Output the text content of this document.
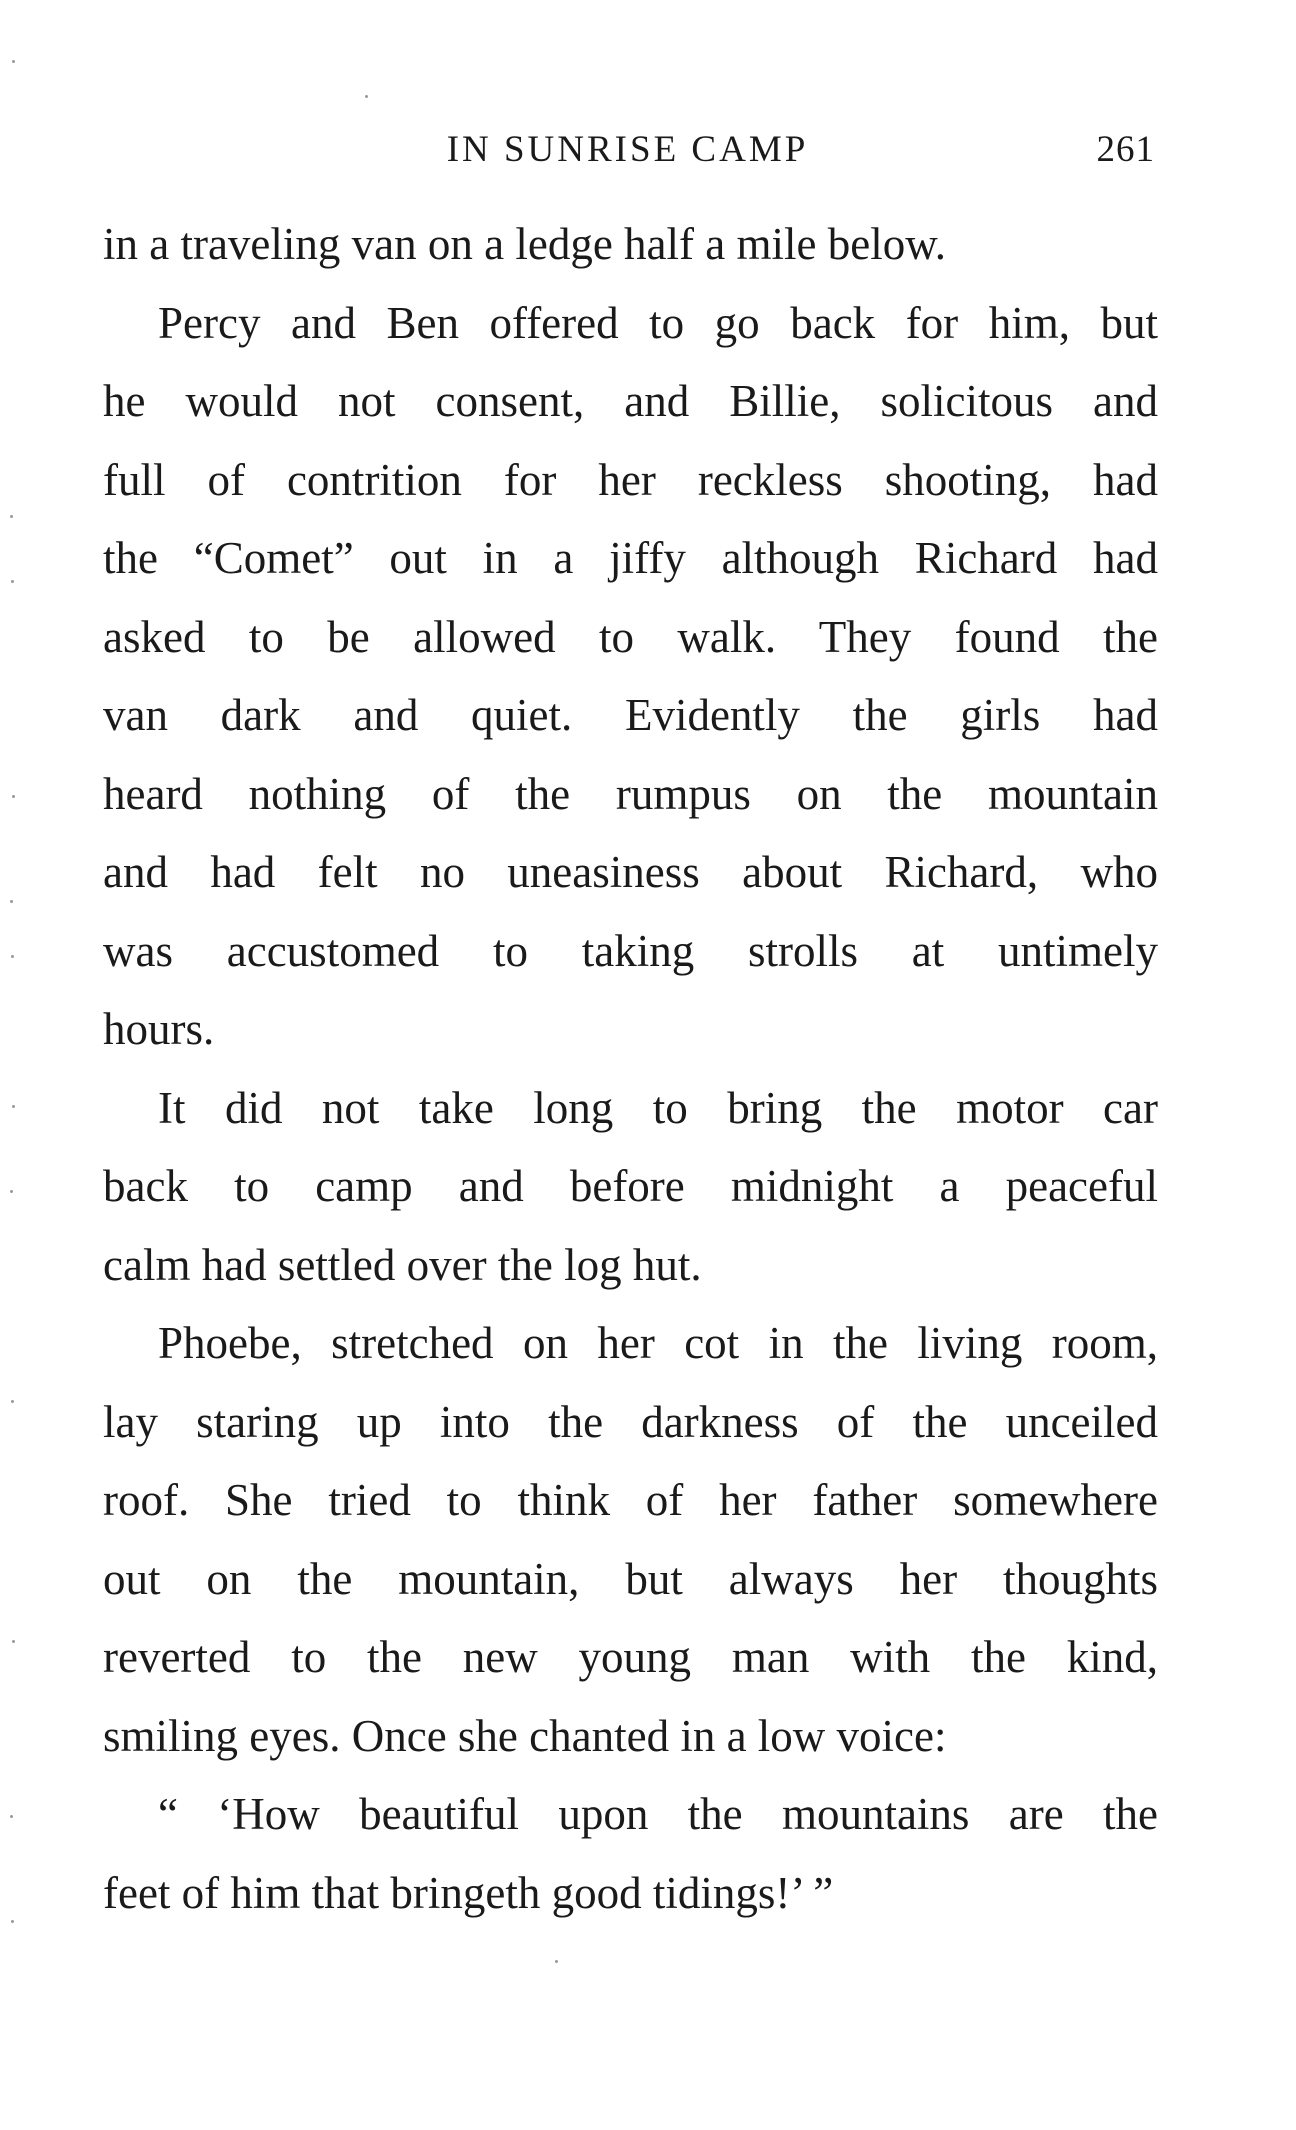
IN SUNRISE CAMP	261
in a traveling van on a ledge half a mile below.
Percy and Ben offered to go back for him, but
he would not consent, and Billie, solicitous and
full of contrition for her reckless shooting, had
the “Comet” out in a jiffy although Richard had
asked to be allowed to walk. They found the
van dark and quiet. Evidently the girls had
heard nothing of the rumpus on the mountain
and had felt no uneasiness about Richard, who
was accustomed to taking strolls at untimely
hours.
It did not take long to bring the motor car
back to camp and before midnight a peaceful
calm had settled over the log hut.
Phoebe, stretched on her cot in the living room,
lay staring up into the darkness of the unceiled
roof. She tried to think of her father somewhere
out on the mountain, but always her thoughts
reverted to the new young man with the kind,
smiling eyes. Once she chanted in a low voice:
“ ‘How beautiful upon the mountains are the
feet of him that bringeth good tidings!’ ”
